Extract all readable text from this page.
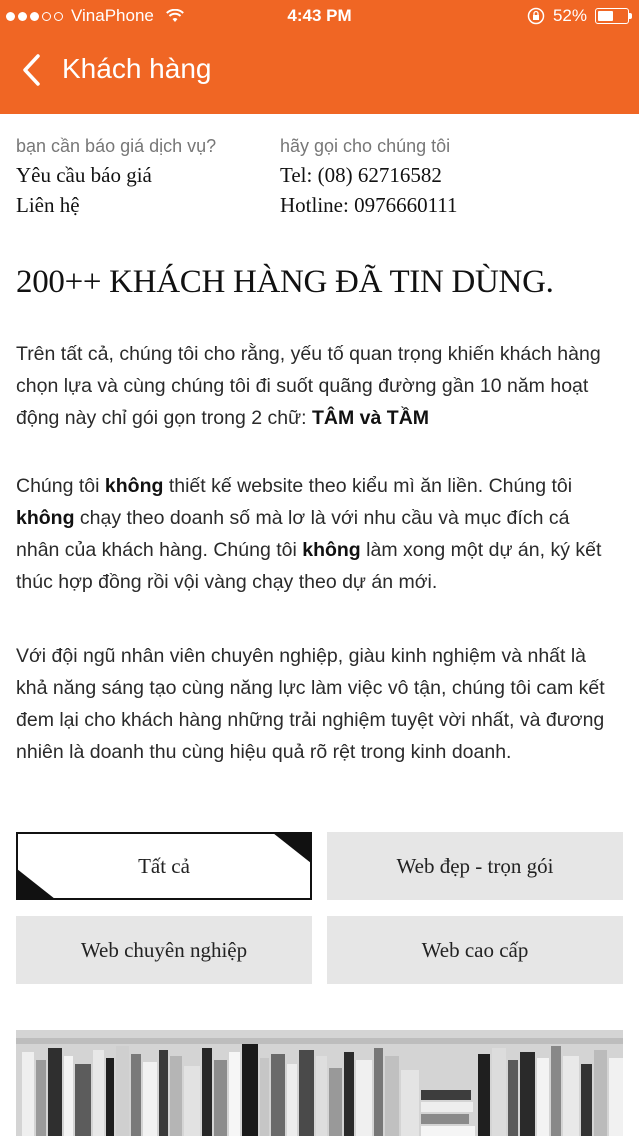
VinaPhone	4:43 PM	52%
Khách hàng
bạn cần báo giá dịch vụ?
Yêu cầu báo giá
Liên hệ
hãy gọi cho chúng tôi
Tel: (08) 62716582
Hotline: 0976660111
200++ KHÁCH HÀNG ĐÃ TIN DÙNG.

Trên tất cả, chúng tôi cho rằng, yếu tố quan trọng khiến khách hàng chọn lựa và cùng chúng tôi đi suốt quãng đường gần 10 năm hoạt động này chỉ gói gọn trong 2 chữ: TÂM và TẦM

Chúng tôi không thiết kế website theo kiểu mì ăn liền. Chúng tôi không chạy theo doanh số mà lơ là với nhu cầu và mục đích cá nhân của khách hàng. Chúng tôi không làm xong một dự án, ký kết thúc hợp đồng rồi vội vàng chạy theo dự án mới.

Với đội ngũ nhân viên chuyên nghiệp, giàu kinh nghiệm và nhất là khả năng sáng tạo cùng năng lực làm việc vô tận, chúng tôi cam kết đem lại cho khách hàng những trải nghiệm tuyệt vời nhất, và đương nhiên là doanh thu cùng hiệu quả rõ rệt trong kinh doanh.

Tất cả	Web đẹp - trọn gói
Web chuyên nghiệp	Web cao cấp
